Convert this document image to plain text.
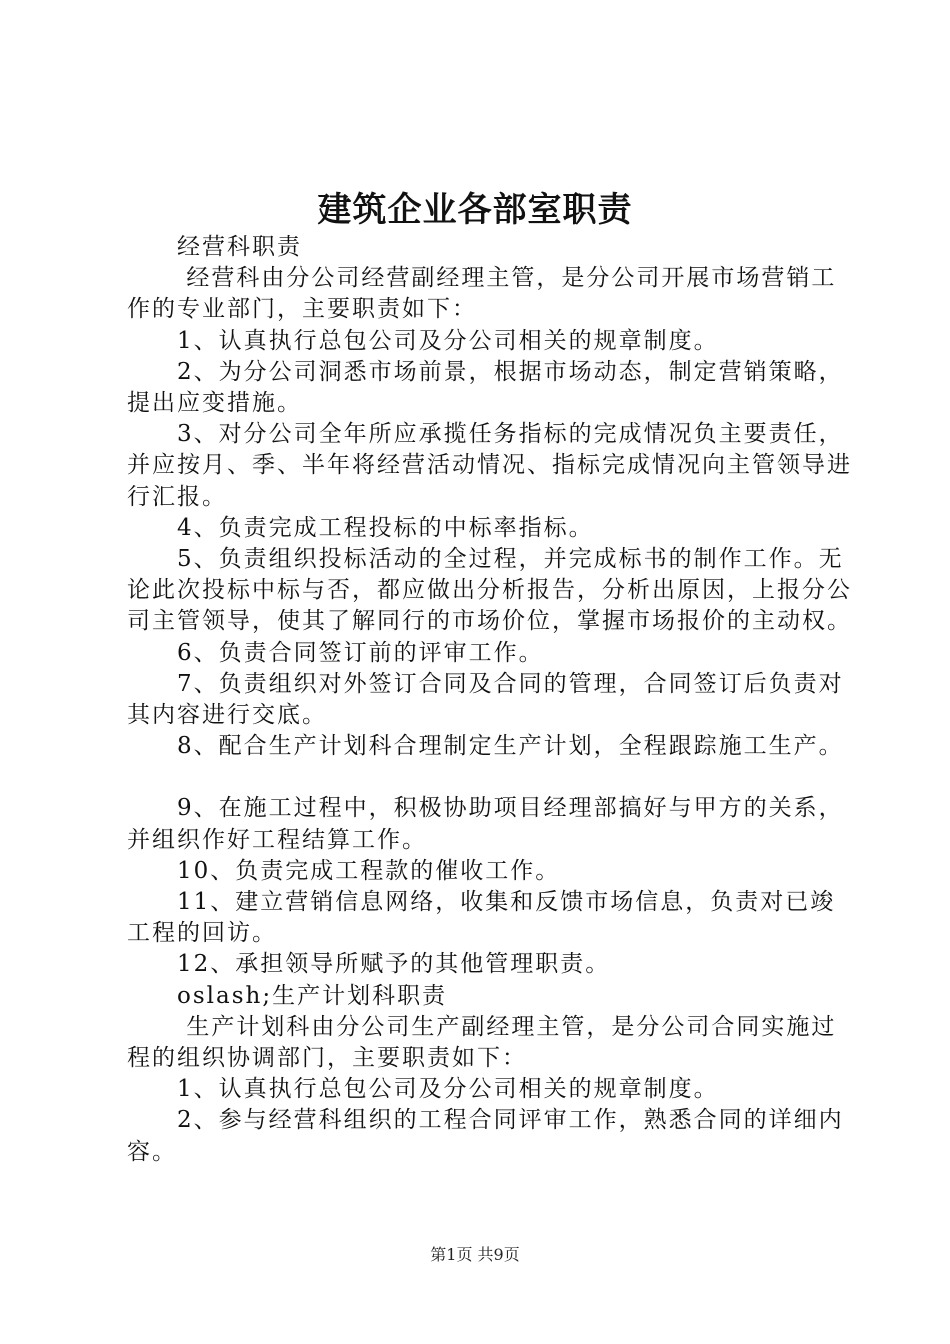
建筑企业各部室职责

经营科职责

经营科由分公司经营副经理主管，是分公司开展市场营销工作的专业部门，主要职责如下：

1、认真执行总包公司及分公司相关的规章制度。

2、为分公司洞悉市场前景，根据市场动态，制定营销策略，提出应变措施。

3、对分公司全年所应承揽任务指标的完成情况负主要责任，并应按月、季、半年将经营活动情况、指标完成情况向主管领导进行汇报。

4、负责完成工程投标的中标率指标。

5、负责组织投标活动的全过程，并完成标书的制作工作。无论此次投标中标与否，都应做出分析报告，分析出原因，上报分公司主管领导，使其了解同行的市场价位，掌握市场报价的主动权。

6、负责合同签订前的评审工作。

7、负责组织对外签订合同及合同的管理，合同签订后负责对其内容进行交底。

8、配合生产计划科合理制定生产计划，全程跟踪施工生产。

9、在施工过程中，积极协助项目经理部搞好与甲方的关系，并组织作好工程结算工作。

10、负责完成工程款的催收工作。

11、建立营销信息网络，收集和反馈市场信息，负责对已竣工程的回访。

12、承担领导所赋予的其他管理职责。

oslash;生产计划科职责

生产计划科由分公司生产副经理主管，是分公司合同实施过程的组织协调部门，主要职责如下：

1、认真执行总包公司及分公司相关的规章制度。

2、参与经营科组织的工程合同评审工作，熟悉合同的详细内容。

第1页 共9页
